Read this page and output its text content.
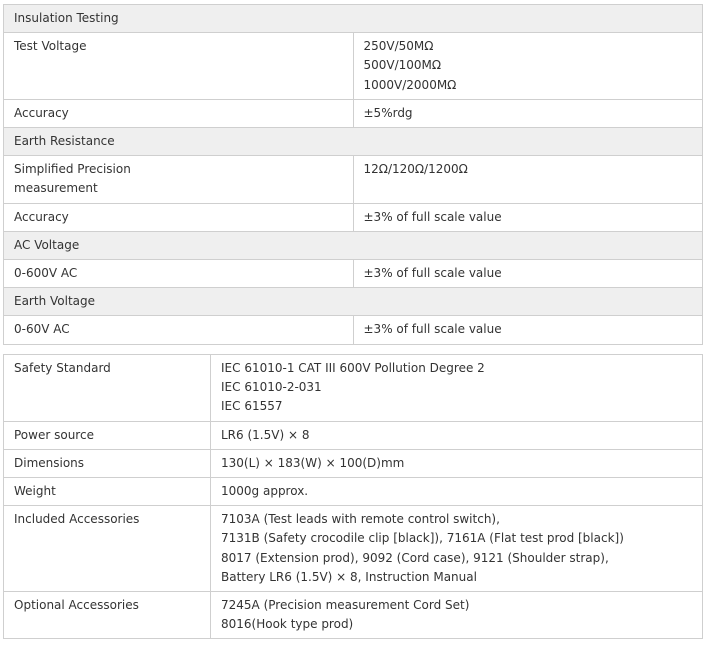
Insulation Testing	
Test Voltage	250V/50MΩ
500V/100MΩ
1000V/2000MΩ

Accuracy	±5%rdg
Earth Resistance	

Simplified Precision
measurement	12Ω/120Ω/1200Ω
Accuracy	±3% of full scale value
AC Voltage	
0-600V AC	±3% of full scale value
Earth Voltage	
0-60V AC	±3% of full scale value
Safety Standard	IEC 61010-1 CAT III 600V Pollution Degree 2
IEC 61010-2-031
IEC 61557

Power source	LR6 (1.5V) × 8
Dimensions	130(L) × 183(W) × 100(D)mm
Weight	1000g approx.
Included Accessories	7103A (Test leads with remote control switch),
7131B (Safety crocodile clip [black]), 7161A (Flat test prod [black])
8017 (Extension prod), 9092 (Cord case), 9121 (Shoulder strap),
Battery LR6 (1.5V) × 8, Instruction Manual

Optional Accessories	7245A (Precision measurement Cord Set)
8016(Hook type prod)
